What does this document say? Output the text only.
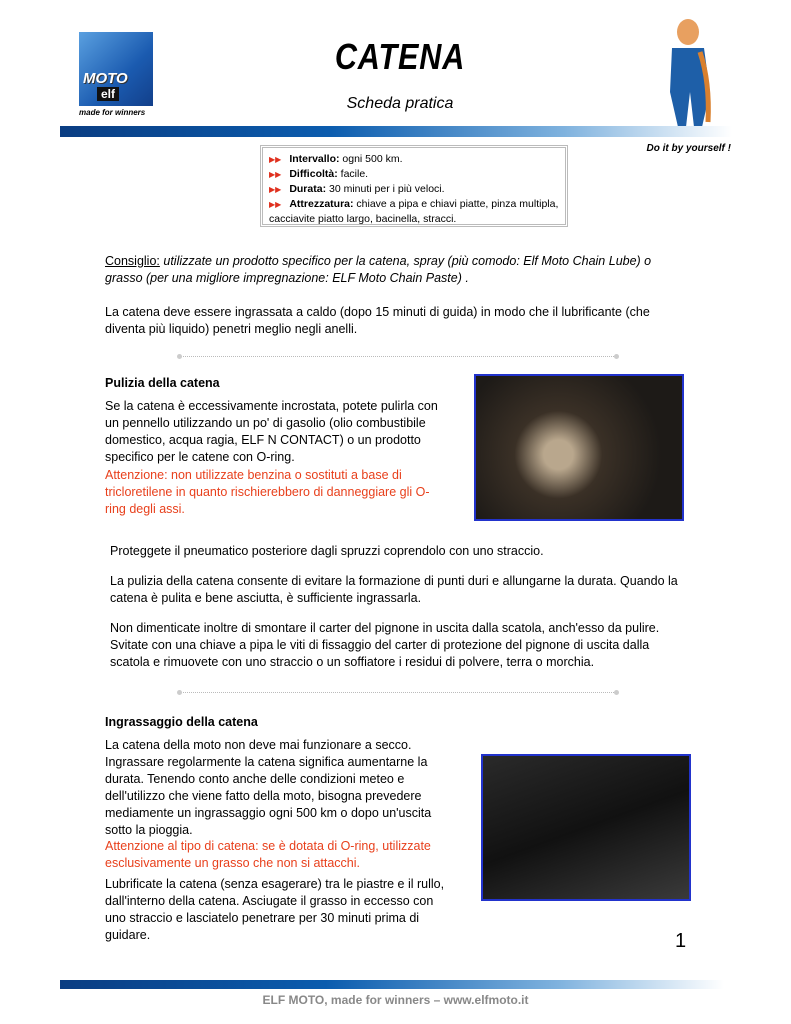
MOTO
elf
made for winners
CATENA
Scheda pratica
Do it by yourself !
▶▶ Intervallo: ogni 500 km.
▶▶ Difficoltà: facile.
▶▶ Durata: 30 minuti per i più veloci.
▶▶ Attrezzatura: chiave a pipa e chiavi piatte, pinza multipla, cacciavite piatto largo, bacinella, stracci.
Consiglio: utilizzate un prodotto specifico per la catena, spray (più comodo: Elf Moto Chain Lube) o grasso (per una migliore impregnazione: ELF Moto Chain Paste) .
La catena deve essere ingrassata a caldo (dopo 15 minuti di guida) in modo che il lubrificante (che diventa più liquido) penetri meglio negli anelli.
Pulizia della catena
Se la catena è eccessivamente incrostata, potete pulirla con un pennello utilizzando un po' di gasolio (olio combustibile domestico, acqua ragia, ELF N CONTACT) o un prodotto specifico per le catene con O-ring.
Attenzione: non utilizzate benzina o sostituti a base di tricloretilene in quanto rischierebbero di danneggiare gli O-ring degli assi.
Proteggete il pneumatico posteriore dagli spruzzi coprendolo con uno straccio.
La pulizia della catena consente di evitare la formazione di punti duri e allungarne la durata. Quando la catena è pulita e bene asciutta, è sufficiente ingrassarla.
Non dimenticate inoltre di smontare il carter del pignone in uscita dalla scatola, anch'esso da pulire. Svitate con una chiave a pipa le viti di fissaggio del carter di protezione del pignone di uscita dalla scatola e rimuovete con uno straccio o un soffiatore i residui di polvere, terra o morchia.
Ingrassaggio della catena
La catena della moto non deve mai funzionare a secco. Ingrassare regolarmente la catena significa aumentarne la durata. Tenendo conto anche delle condizioni meteo e dell'utilizzo che viene fatto della moto, bisogna prevedere mediamente un ingrassaggio ogni 500 km o dopo un'uscita sotto la pioggia.
Attenzione al tipo di catena: se è dotata di O-ring, utilizzate esclusivamente un grasso che non si attacchi.
Lubrificate la catena (senza esagerare) tra le piastre e il rullo, dall'interno della catena. Asciugate il grasso in eccesso con uno straccio e lasciatelo penetrare per 30 minuti prima di guidare.	1
ELF MOTO, made for winners – www.elfmoto.it
